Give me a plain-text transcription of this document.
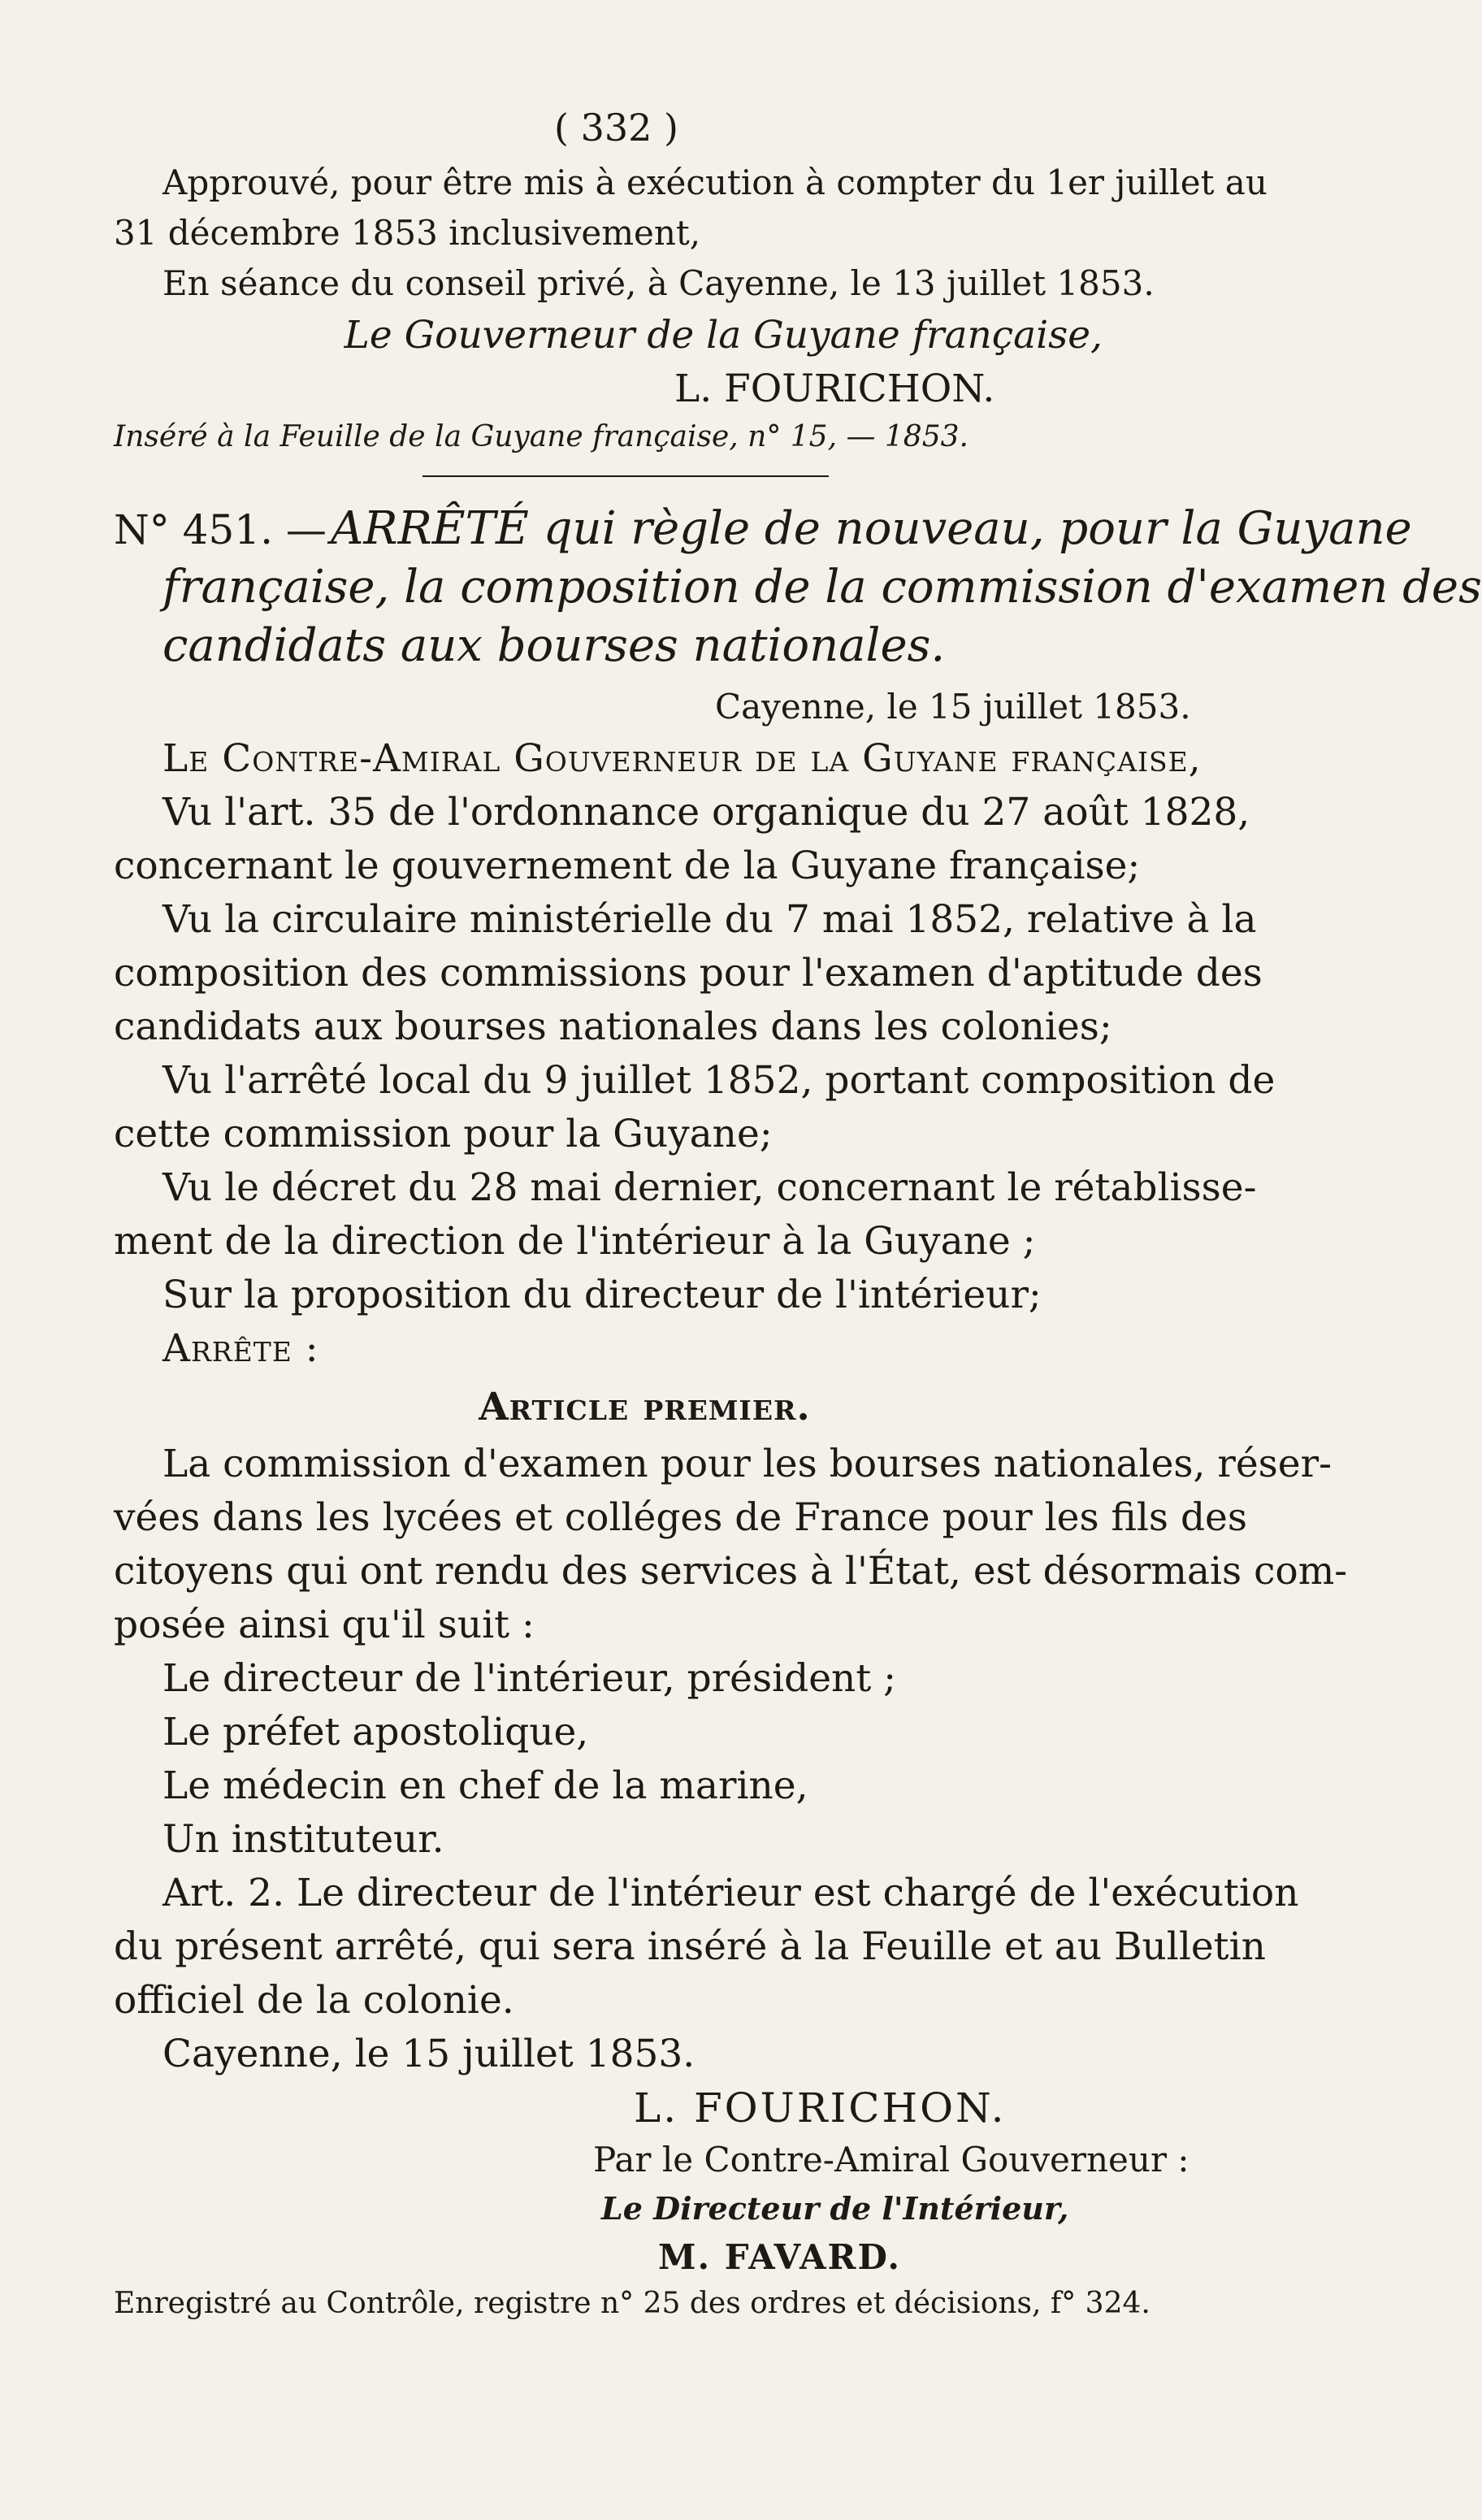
( 332 )
Approuvé, pour être mis à exécution à compter du 1er juillet au
31 décembre 1853 inclusivement,
En séance du conseil privé, à Cayenne, le 13 juillet 1853.
Le Gouverneur de la Guyane française,
L. FOURICHON.
Inséré à la Feuille de la Guyane française, n° 15, — 1853.
N° 451. — ARRÊTÉ qui règle de nouveau, pour la Guyane
française, la composition de la commission d'examen des
candidats aux bourses nationales.
Cayenne, le 15 juillet 1853.
Le Contre-Amiral Gouverneur de la Guyane française,
Vu l'art. 35 de l'ordonnance organique du 27 août 1828,
concernant le gouvernement de la Guyane française;
Vu la circulaire ministérielle du 7 mai 1852, relative à la
composition des commissions pour l'examen d'aptitude des
candidats aux bourses nationales dans les colonies;
Vu l'arrêté local du 9 juillet 1852, portant composition de
cette commission pour la Guyane;
Vu le décret du 28 mai dernier, concernant le rétablisse-
ment de la direction de l'intérieur à la Guyane ;
Sur la proposition du directeur de l'intérieur;
Arrête :
Article premier.
La commission d'examen pour les bourses nationales, réser-
vées dans les lycées et colléges de France pour les fils des
citoyens qui ont rendu des services à l'État, est désormais com-
posée ainsi qu'il suit :
Le directeur de l'intérieur, président ;
Le préfet apostolique,
Le médecin en chef de la marine,
Un instituteur.
Art. 2. Le directeur de l'intérieur est chargé de l'exécution
du présent arrêté, qui sera inséré à la Feuille et au Bulletin
officiel de la colonie.
Cayenne, le 15 juillet 1853.
L. FOURICHON.
Par le Contre-Amiral Gouverneur :
Le Directeur de l'Intérieur,
M. FAVARD.
Enregistré au Contrôle, registre n° 25 des ordres et décisions, f° 324.
